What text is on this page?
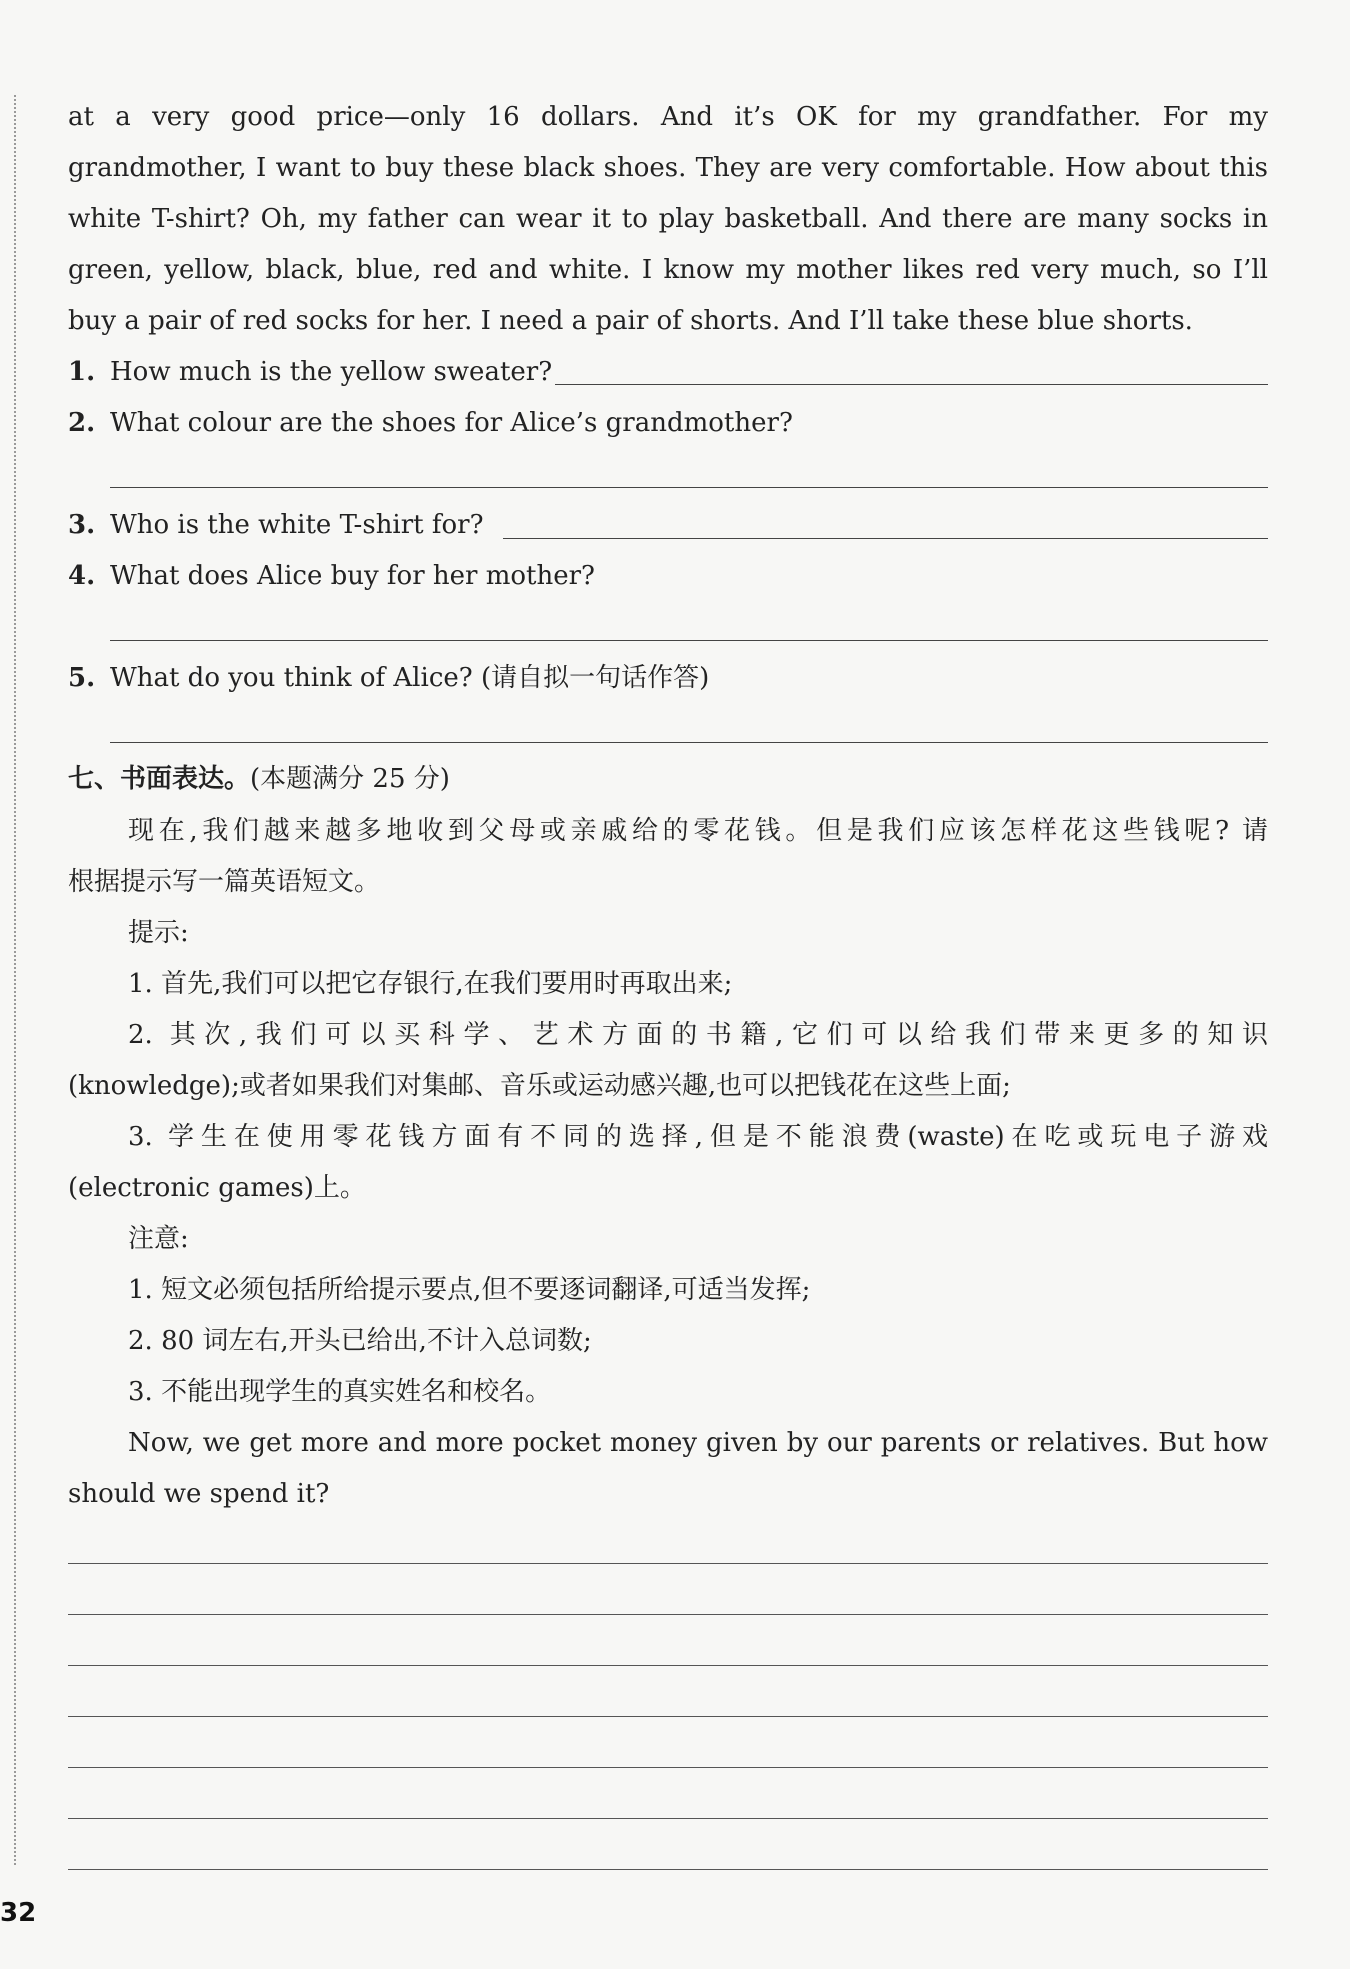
at a very good price—only 16 dollars. And it’s OK for my grandfather. For my
grandmother, I want to buy these black shoes. They are very comfortable. How about this
white T-shirt? Oh, my father can wear it to play basketball. And there are many socks in
green, yellow, black, blue, red and white. I know my mother likes red very much, so I’ll
buy a pair of red socks for her. I need a pair of shorts. And I’ll take these blue shorts.
1. How much is the yellow sweater?
2. What colour are the shoes for Alice’s grandmother?
3. Who is the white T-shirt for?
4. What does Alice buy for her mother?
5. What do you think of Alice? (请自拟一句话作答)
七、书面表达。(本题满分 25 分)
现在,我们越来越多地收到父母或亲戚给的零花钱。但是我们应该怎样花这些钱呢? 请
根据提示写一篇英语短文。
提示:
1. 首先,我们可以把它存银行,在我们要用时再取出来;
2. 其次,我们可以买科学、艺术方面的书籍,它们可以给我们带来更多的知识
(knowledge);或者如果我们对集邮、音乐或运动感兴趣,也可以把钱花在这些上面;
3. 学生在使用零花钱方面有不同的选择,但是不能浪费(waste)在吃或玩电子游戏
(electronic games)上。
注意:
1. 短文必须包括所给提示要点,但不要逐词翻译,可适当发挥;
2. 80 词左右,开头已给出,不计入总词数;
3. 不能出现学生的真实姓名和校名。
Now, we get more and more pocket money given by our parents or relatives. But how
should we spend it?
32
